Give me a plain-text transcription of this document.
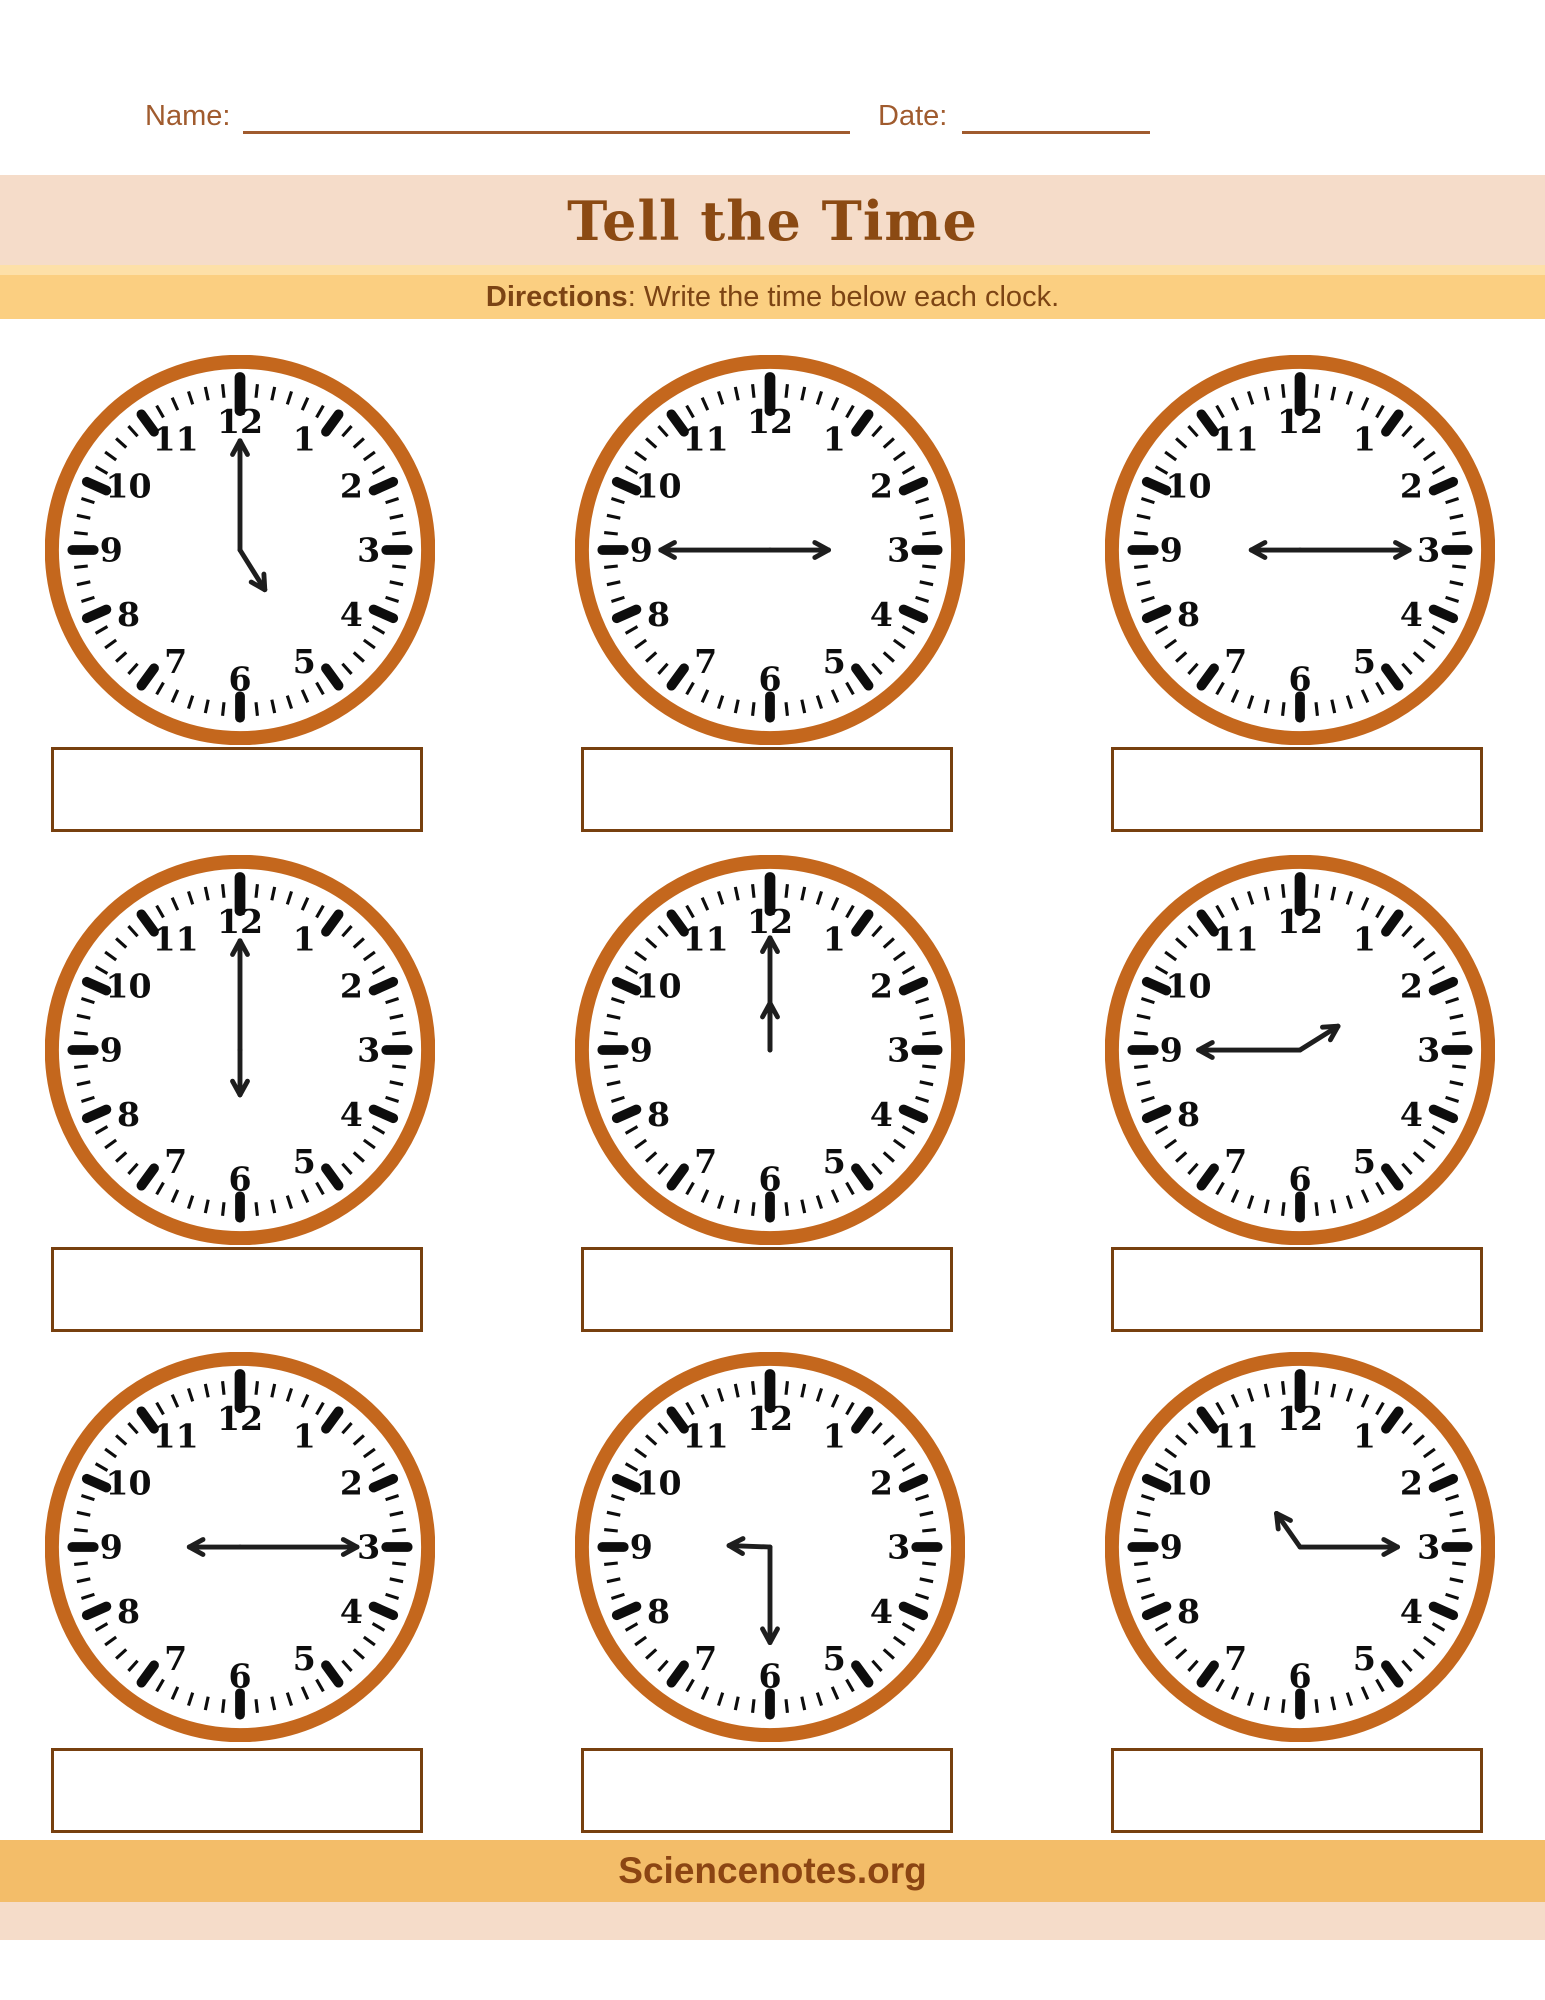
Name:	Date:
Tell the Time
Directions: Write the time below each clock.
1
2
3
4
5
6
7
8
9
10
11 12	1
2
3
4
5
6
7
8
9
10
11 12	1
2
3
4
5
6
7
8
9
10
11 12
1
2
3
4
5
6
7
8
9
10
11 12	1
2
3
4
5
6
7
8
9
10
11 12	1
2
3
4
5
6
7
8
9
10
11 12
1
2
3
4
5
6
7
8
9
10
11 12	1
2
3
4
5
6
7
8
9
10
11 12	1
2
3
4
5
6
7
8
9
10
11 12
Sciencenotes.org
